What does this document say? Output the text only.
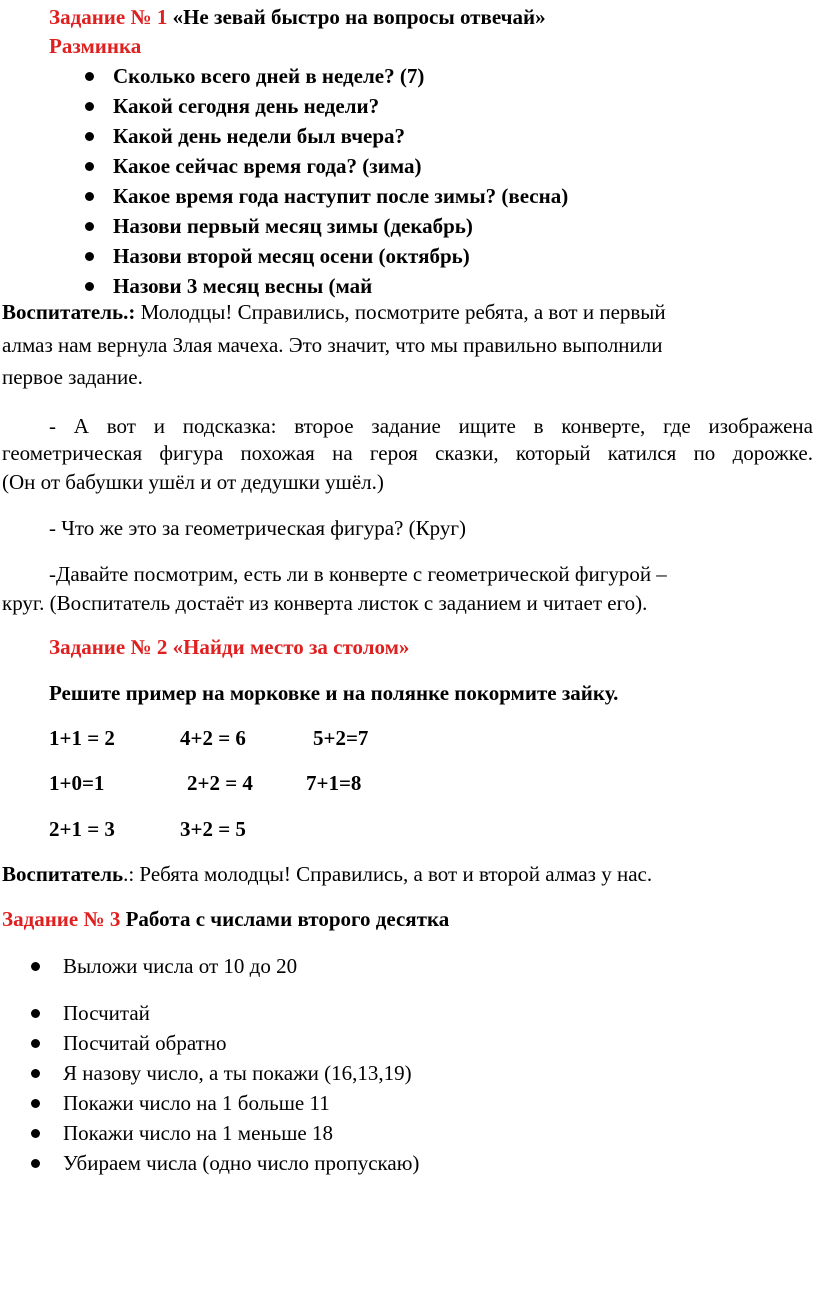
Задание № 1 «Не зевай быстро на вопросы отвечай»
Разминка
Сколько всего дней в неделе? (7)
Какой сегодня день недели?
Какой день недели был вчера?
Какое сейчас время года? (зима)
Какое время года наступит после зимы? (весна)
Назови первый месяц зимы (декабрь)
Назови второй месяц осени (октябрь)
Назови 3 месяц весны (май
Воспитатель.: Молодцы! Справились, посмотрите ребята, а вот и первый
алмаз нам вернула Злая мачеха. Это значит, что мы правильно выполнили
первое задание.
- А вот и подсказка: второе задание ищите в конверте, где изображена
геометрическая фигура похожая на героя сказки, который катился по дорожке.
(Он от бабушки ушёл и от дедушки ушёл.)
- Что же это за геометрическая фигура? (Круг)
-Давайте посмотрим, есть ли в конверте с геометрической фигурой –
круг. (Воспитатель достаёт из конверта листок с заданием и читает его).
Задание № 2 «Найди место за столом»
Решите пример на морковке и на полянке покормите зайку.
1+1 = 2	4+2 = 6	5+2=7
1+0=1	2+2 = 4	7+1=8
2+1 = 3	3+2 = 5
Воспитатель.: Ребята молодцы! Справились, а вот и второй алмаз у нас.
Задание № 3 Работа с числами второго десятка
Выложи числа от 10 до 20
Посчитай
Посчитай обратно
Я назову число, а ты покажи (16,13,19)
Покажи число на 1 больше 11
Покажи число на 1 меньше 18
Убираем числа (одно число пропускаю)
